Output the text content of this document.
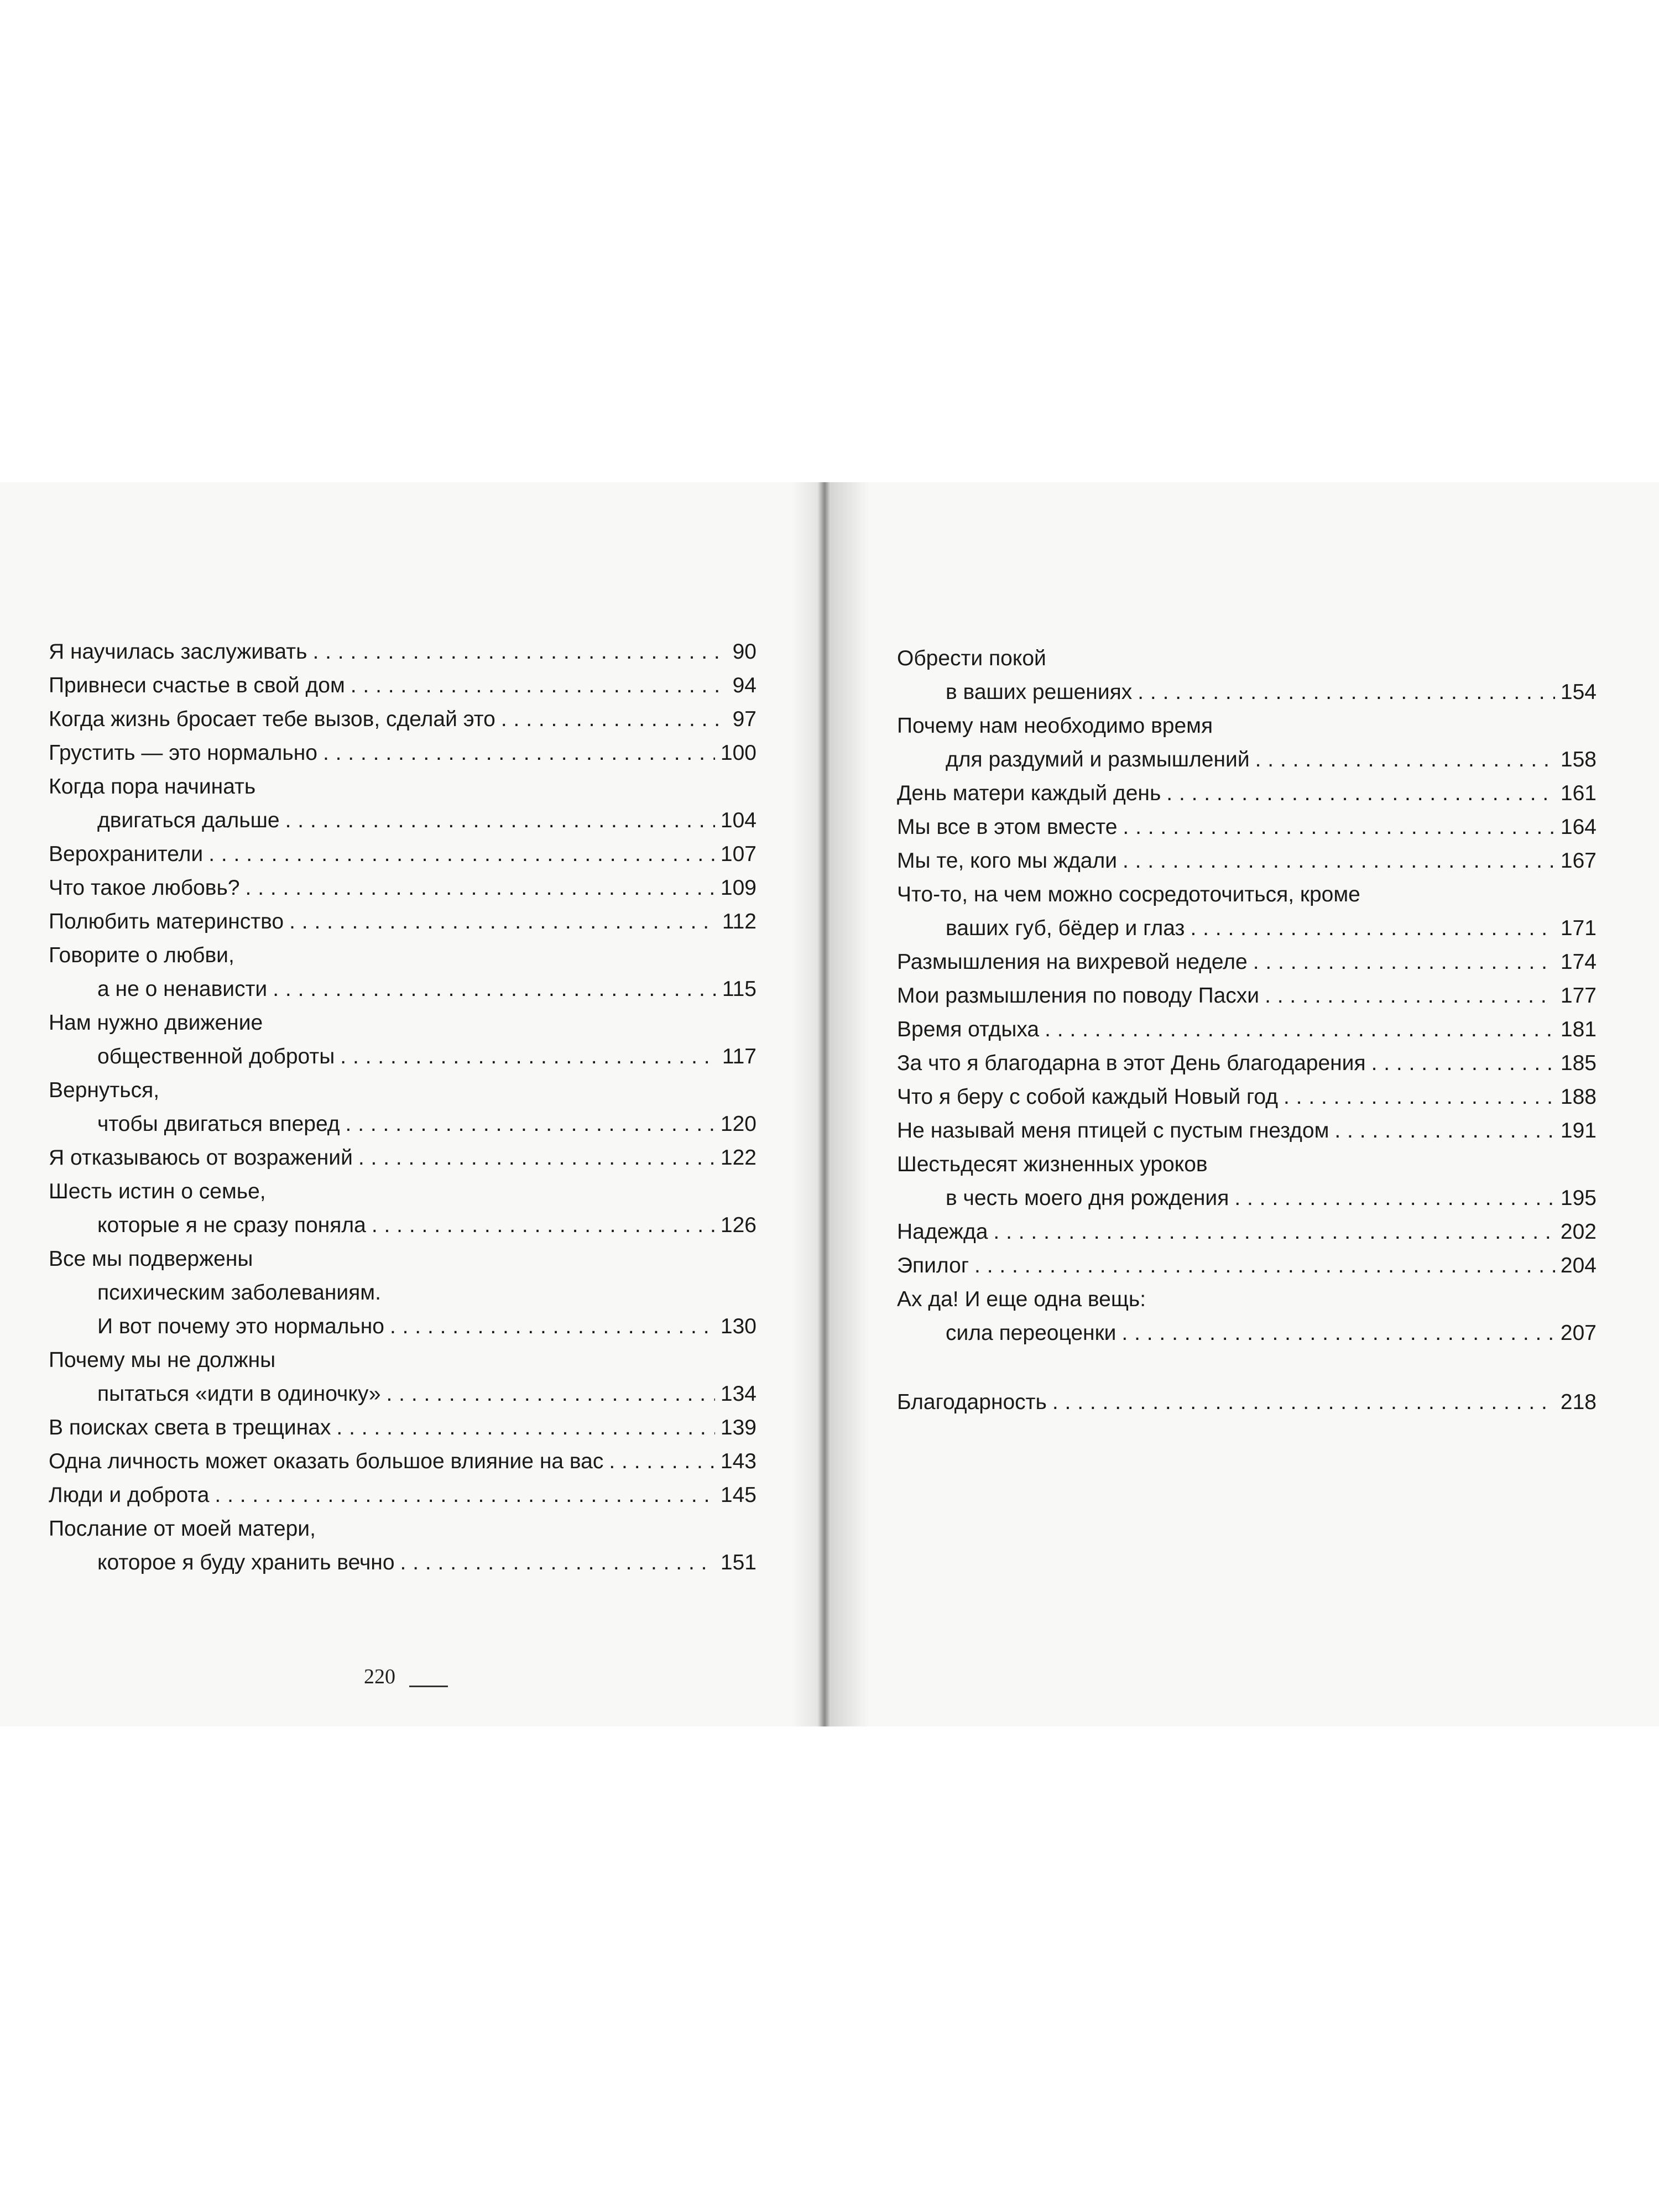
Я научилась заслуживать . . .	90
Привнеси счастье в свой дом . . .	94
Когда жизнь бросает тебе вызов, сделай это . . .	97
Грустить — это нормально . . .	100
Когда пора начинать
двигаться дальше . . .	104
Верохранители . . .	107
Что такое любовь? . . .	109
Полюбить материнство . . .	112
Говорите о любви,
а не о ненависти . . .	115
Нам нужно движение
общественной доброты . . .	117
Вернуться,
чтобы двигаться вперед . . .	120
Я отказываюсь от возражений . . .	122
Шесть истин о семье,
которые я не сразу поняла . . .	126
Все мы подвержены
психическим заболеваниям.
И вот почему это нормально . . .	130
Почему мы не должны
пытаться «идти в одиночку» . . .	134
В поисках света в трещинах . . .	139
Одна личность может оказать большое влияние на вас . . .	143
Люди и доброта . . .	145
Послание от моей матери,
которое я буду хранить вечно . . .	151
Обрести покой
в ваших решениях . . .	154
Почему нам необходимо время
для раздумий и размышлений . . .	158
День матери каждый день . . .	161
Мы все в этом вместе . . .	164
Мы те, кого мы ждали . . .	167
Что-то, на чем можно сосредоточиться, кроме
ваших губ, бёдер и глаз . . .	171
Размышления на вихревой неделе . . .	174
Мои размышления по поводу Пасхи . . .	177
Время отдыха . . .	181
За что я благодарна в этот День благодарения . . .	185
Что я беру с собой каждый Новый год . . .	188
Не называй меня птицей с пустым гнездом . . .	191
Шестьдесят жизненных уроков
в честь моего дня рождения . . .	195
Надежда . . .	202
Эпилог . . .	204
Ах да! И еще одна вещь:
сила переоценки . . .	207
Благодарность . . .	218
220
